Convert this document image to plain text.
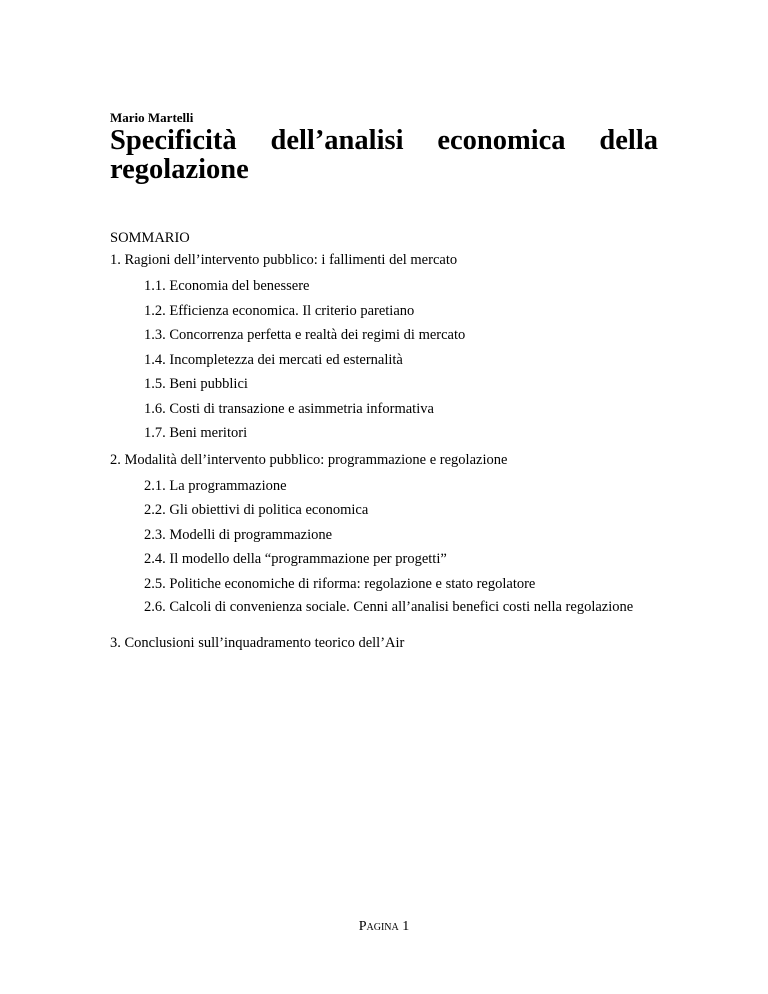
Mario Martelli

Specificità dell’analisi economica della regolazione

SOMMARIO

1. Ragioni dell’intervento pubblico: i fallimenti del mercato
1.1. Economia del benessere
1.2. Efficienza economica. Il criterio paretiano
1.3. Concorrenza perfetta e realtà dei regimi di mercato
1.4. Incompletezza dei mercati ed esternalità
1.5. Beni pubblici
1.6. Costi di transazione e asimmetria informativa
1.7. Beni meritori
2. Modalità dell’intervento pubblico: programmazione e regolazione
2.1. La programmazione
2.2. Gli obiettivi di politica economica
2.3. Modelli di programmazione
2.4. Il modello della “programmazione per progetti”
2.5. Politiche economiche di riforma: regolazione e stato regolatore
2.6. Calcoli di convenienza sociale. Cenni all’analisi benefici costi nella regolazione
3. Conclusioni sull’inquadramento teorico dell’Air

Pagina 1
